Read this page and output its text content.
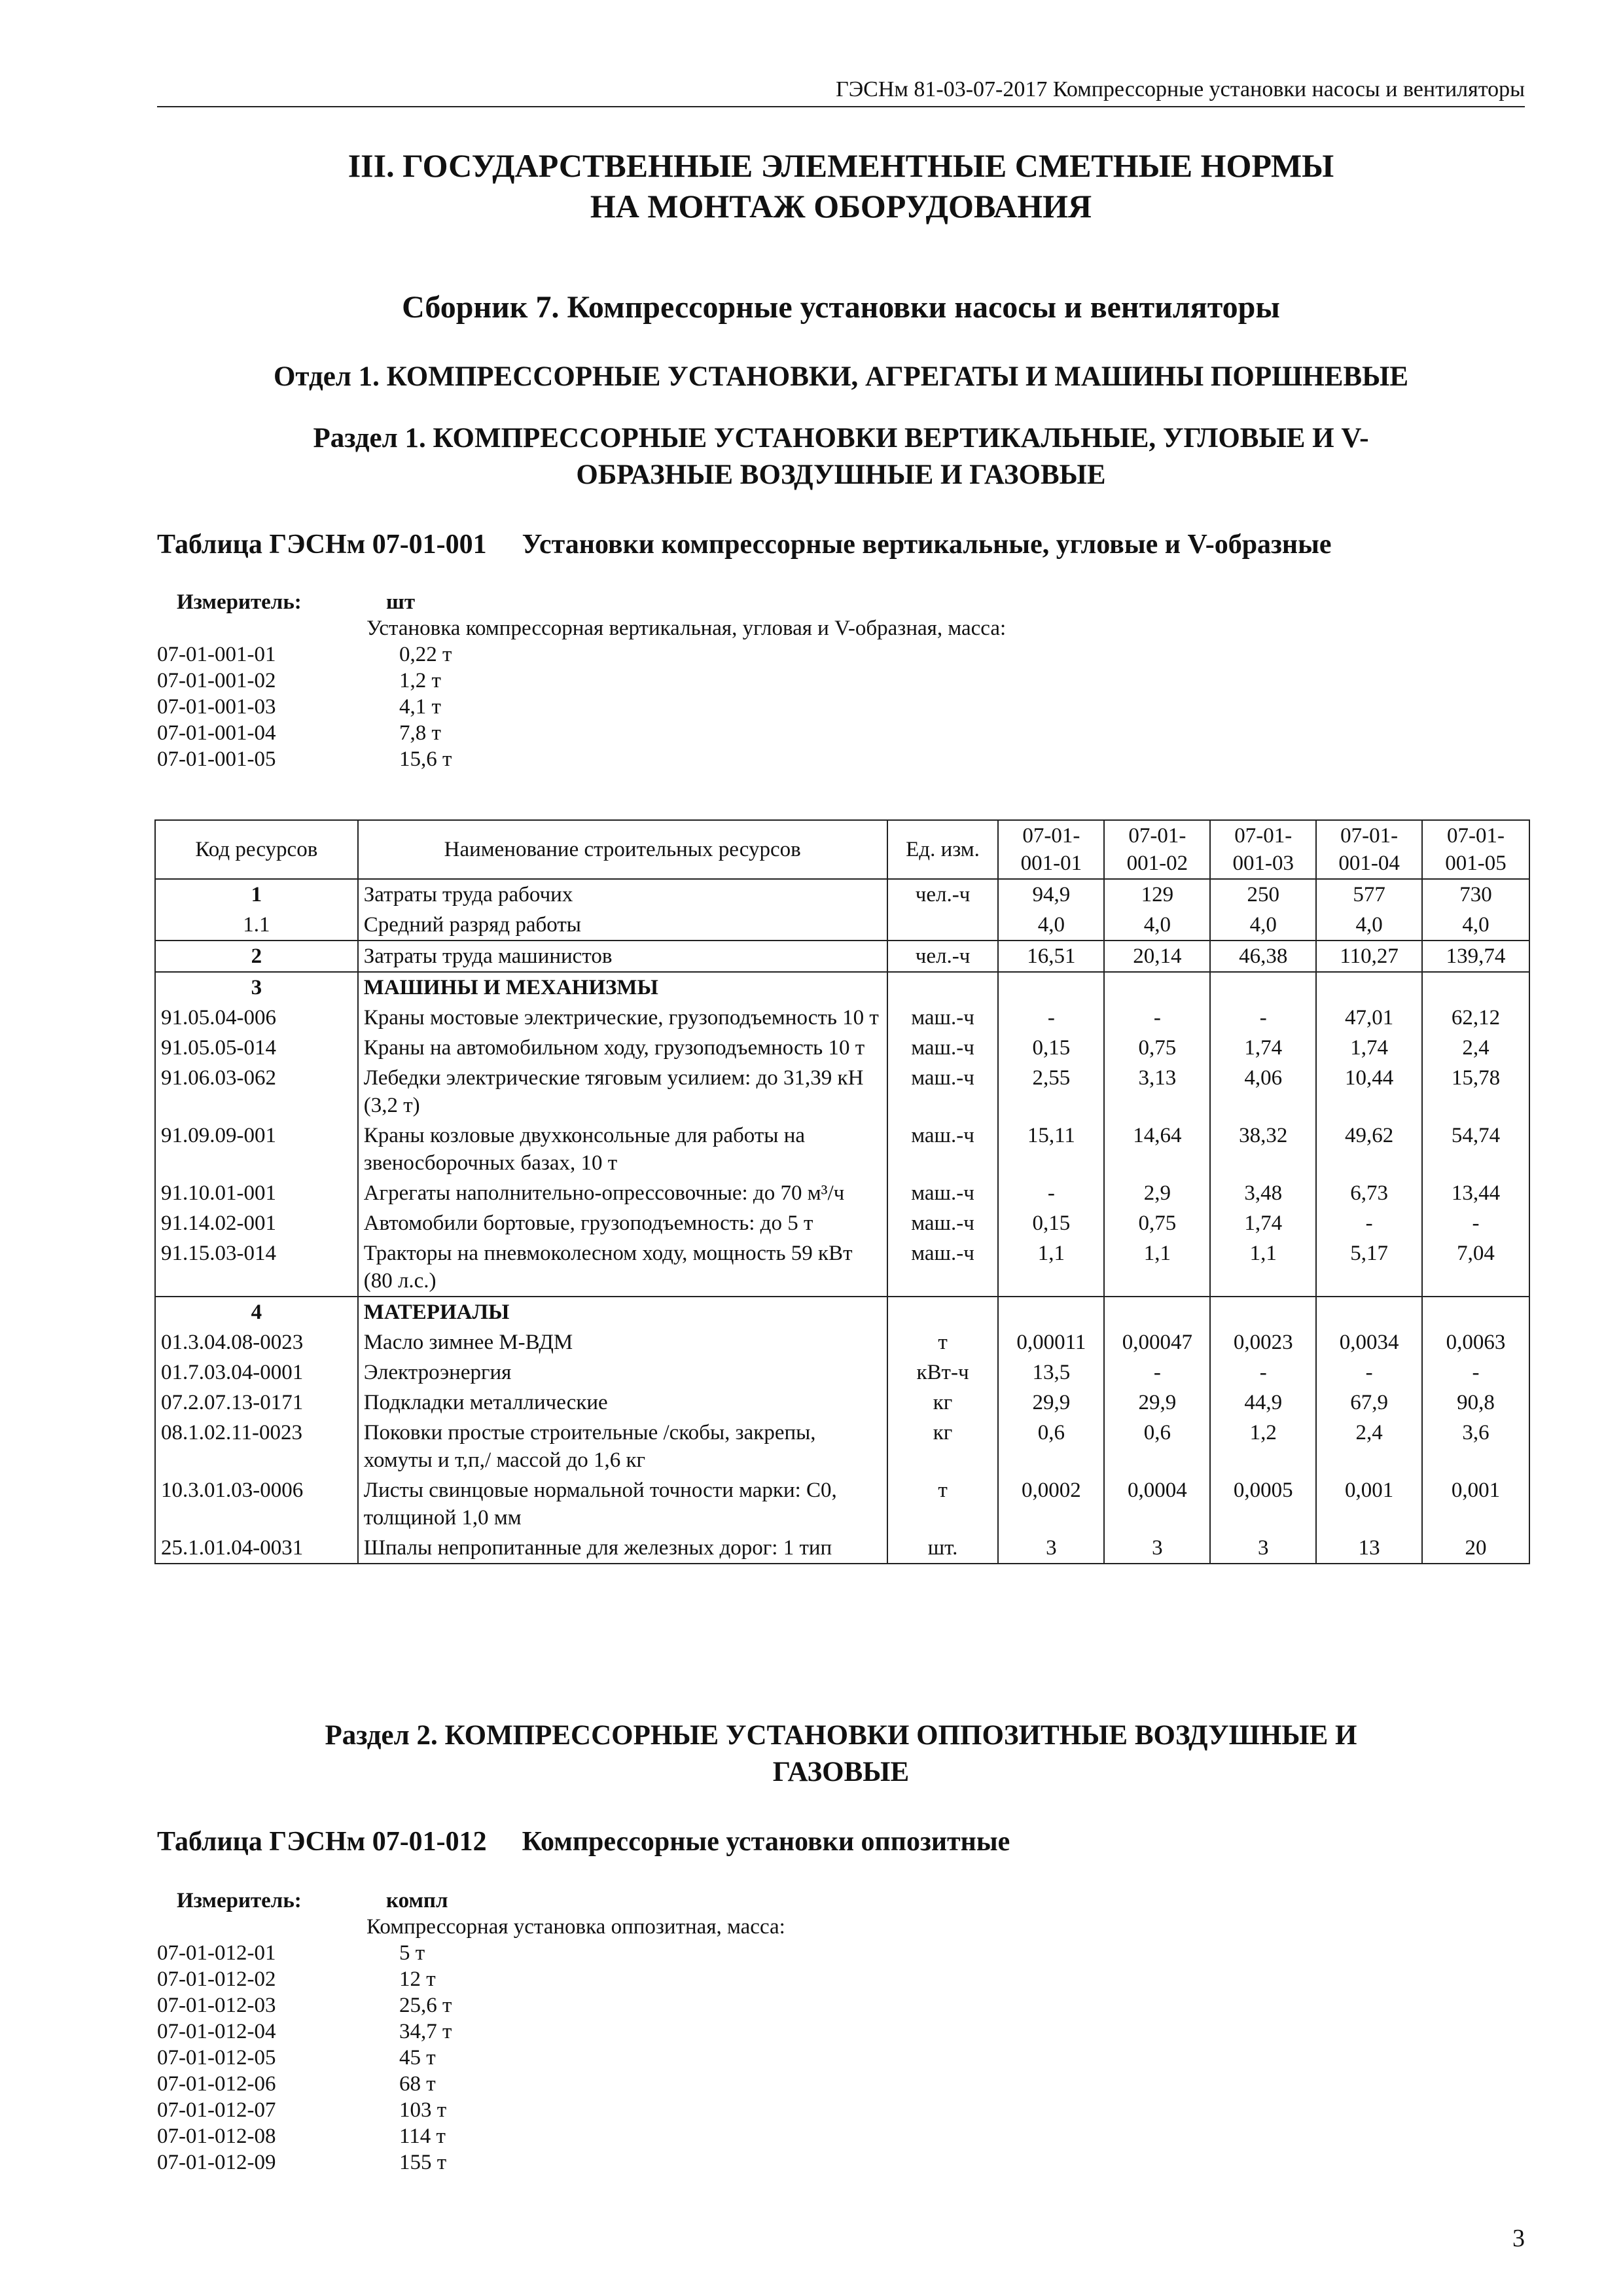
ГЭСНм 81-03-07-2017 Компрессорные установки насосы и вентиляторы
III. ГОСУДАРСТВЕННЫЕ ЭЛЕМЕНТНЫЕ СМЕТНЫЕ НОРМЫ
НА МОНТАЖ ОБОРУДОВАНИЯ
Сборник 7. Компрессорные установки насосы и вентиляторы
Отдел 1. КОМПРЕССОРНЫЕ УСТАНОВКИ, АГРЕГАТЫ И МАШИНЫ ПОРШНЕВЫЕ
Раздел 1. КОМПРЕССОРНЫЕ УСТАНОВКИ ВЕРТИКАЛЬНЫЕ, УГЛОВЫЕ И V-
ОБРАЗНЫЕ ВОЗДУШНЫЕ И ГАЗОВЫЕ
Таблица ГЭСНм 07-01-001 Установки компрессорные вертикальные, угловые и V-образные
Измеритель:	шт
Установка компрессорная вертикальная, угловая и V-образная, масса:
07-01-001-01	0,22 т
07-01-001-02	1,2 т
07-01-001-03	4,1 т
07-01-001-04	7,8 т
07-01-001-05	15,6 т
Код ресурсов	Наименование строительных ресурсов	Ед. изм.	07-01-001-01	07-01-001-02	07-01-001-03	07-01-001-04	07-01-001-05
1	Затраты труда рабочих	чел.-ч	94,9	129	250	577	730
1.1	Средний разряд работы		4,0	4,0	4,0	4,0	4,0
2	Затраты труда машинистов	чел.-ч	16,51	20,14	46,38	110,27	139,74
3	МАШИНЫ И МЕХАНИЗМЫ						
91.05.04-006	Краны мостовые электрические, грузоподъемность 10 т	маш.-ч	-	-	-	47,01	62,12
91.05.05-014	Краны на автомобильном ходу, грузоподъемность 10 т	маш.-ч	0,15	0,75	1,74	1,74	2,4
91.06.03-062	Лебедки электрические тяговым усилием: до 31,39 кН (3,2 т)	маш.-ч	2,55	3,13	4,06	10,44	15,78
91.09.09-001	Краны козловые двухконсольные для работы на звеносборочных базах, 10 т	маш.-ч	15,11	14,64	38,32	49,62	54,74
91.10.01-001	Агрегаты наполнительно-опрессовочные: до 70 м³/ч	маш.-ч	-	2,9	3,48	6,73	13,44
91.14.02-001	Автомобили бортовые, грузоподъемность: до 5 т	маш.-ч	0,15	0,75	1,74	-	-
91.15.03-014	Тракторы на пневмоколесном ходу, мощность 59 кВт (80 л.с.)	маш.-ч	1,1	1,1	1,1	5,17	7,04
4	МАТЕРИАЛЫ						
01.3.04.08-0023	Масло зимнее М-ВДМ	т	0,00011	0,00047	0,0023	0,0034	0,0063
01.7.03.04-0001	Электроэнергия	кВт-ч	13,5	-	-	-	-
07.2.07.13-0171	Подкладки металлические	кг	29,9	29,9	44,9	67,9	90,8
08.1.02.11-0023	Поковки простые строительные /скобы, закрепы, хомуты и т,п,/ массой до 1,6 кг	кг	0,6	0,6	1,2	2,4	3,6
10.3.01.03-0006	Листы свинцовые нормальной точности марки: С0, толщиной 1,0 мм	т	0,0002	0,0004	0,0005	0,001	0,001
25.1.01.04-0031	Шпалы непропитанные для железных дорог: 1 тип	шт.	3	3	3	13	20
Раздел 2. КОМПРЕССОРНЫЕ УСТАНОВКИ ОППОЗИТНЫЕ ВОЗДУШНЫЕ И
ГАЗОВЫЕ
Таблица ГЭСНм 07-01-012 Компрессорные установки оппозитные
Измеритель:	компл
Компрессорная установка оппозитная, масса:
07-01-012-01	5 т
07-01-012-02	12 т
07-01-012-03	25,6 т
07-01-012-04	34,7 т
07-01-012-05	45 т
07-01-012-06	68 т
07-01-012-07	103 т
07-01-012-08	114 т
07-01-012-09	155 т
3
